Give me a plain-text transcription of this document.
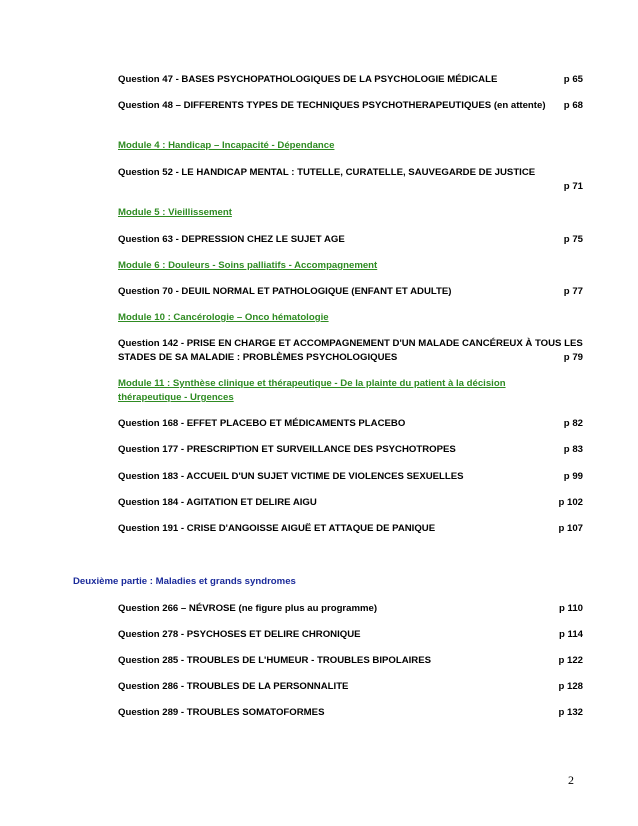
Question 47 - BASES PSYCHOPATHOLOGIQUES DE LA PSYCHOLOGIE MÉDICALE	p 65
Question 48 – DIFFERENTS TYPES DE TECHNIQUES PSYCHOTHERAPEUTIQUES (en attente)	p 68
Module 4 : Handicap – Incapacité - Dépendance
Question 52 - LE HANDICAP MENTAL : TUTELLE, CURATELLE, SAUVEGARDE DE JUSTICE
p 71
Module 5 : Vieillissement
Question 63 - DEPRESSION CHEZ LE SUJET AGE	p 75
Module 6 : Douleurs - Soins palliatifs - Accompagnement
Question 70 - DEUIL NORMAL ET PATHOLOGIQUE (ENFANT ET ADULTE)	p 77
Module 10 : Cancérologie – Onco hématologie
Question 142 - PRISE EN CHARGE ET ACCOMPAGNEMENT D'UN MALADE CANCÉREUX À TOUS LES STADES DE SA MALADIE : PROBLÈMES PSYCHOLOGIQUES	p 79
Module 11 : Synthèse clinique et thérapeutique - De la plainte du patient à la décision thérapeutique - Urgences
Question 168 - EFFET PLACEBO ET MÉDICAMENTS PLACEBO	p 82
Question 177 - PRESCRIPTION ET SURVEILLANCE DES PSYCHOTROPES	p 83
Question 183 - ACCUEIL D'UN SUJET VICTIME DE VIOLENCES SEXUELLES	p 99
Question 184 - AGITATION ET DELIRE AIGU	p 102
Question 191 - CRISE D'ANGOISSE AIGUË ET ATTAQUE DE PANIQUE	p 107
Deuxième partie : Maladies et grands syndromes
Question 266 – NÉVROSE (ne figure plus au programme)	p 110
Question 278 - PSYCHOSES ET DELIRE CHRONIQUE	p 114
Question 285 - TROUBLES DE L'HUMEUR - TROUBLES BIPOLAIRES	p 122
Question 286 - TROUBLES DE LA PERSONNALITE	p 128
Question 289 - TROUBLES SOMATOFORMES	p 132
2
